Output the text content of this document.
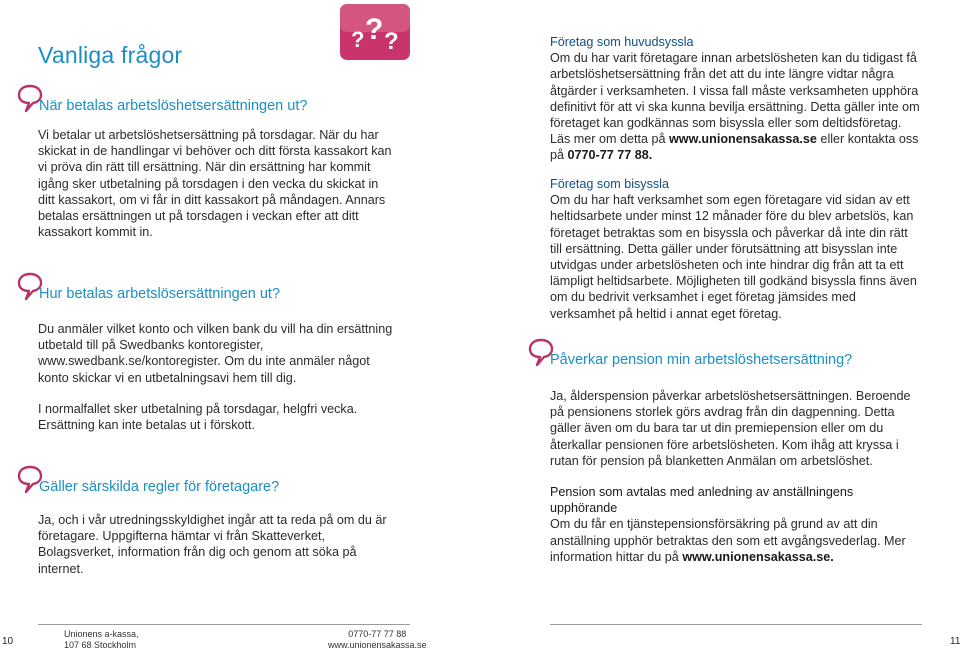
Vanliga frågor
? ? ?
När betalas arbetslöshetsersättningen ut?
Vi betalar ut arbetslöshetsersättning på torsdagar. När du har skickat in de handlingar vi behöver och ditt första kassakort kan vi pröva din rätt till ersättning. När din ersättning har kommit igång sker utbetalning på torsdagen i den vecka du skickat in ditt kassakort, om vi får in ditt kassakort på måndagen. Annars betalas ersättningen ut på torsdagen i veckan efter att ditt kassakort kommit in.
Hur betalas arbetslösersättningen ut?
Du anmäler vilket konto och vilken bank du vill ha din ersättning utbetald till på Swedbanks kontoregister, www.swedbank.se/kontoregister. Om du inte anmäler något konto skickar vi en utbetalningsavi hem till dig.
I normalfallet sker utbetalning på torsdagar, helgfri vecka. Ersättning kan inte betalas ut i förskott.
Gäller särskilda regler för företagare?
Ja, och i vår utredningsskyldighet ingår att ta reda på om du är företagare. Uppgifterna hämtar vi från Skatteverket, Bolagsverket, information från dig och genom att söka på internet.
Företag som huvudsyssla
Om du har varit företagare innan arbetslösheten kan du tidigast få arbetslöshetsersättning från det att du inte längre vidtar några åtgärder i verksamheten. I vissa fall måste verksamheten upphöra definitivt för att vi ska kunna bevilja ersättning. Detta gäller inte om företaget kan godkännas som bisyssla eller som deltidsföretag. Läs mer om detta på www.unionensakassa.se eller kontakta oss på 0770-77 77 88.
Företag som bisyssla
Om du har haft verksamhet som egen företagare vid sidan av ett heltidsarbete under minst 12 månader före du blev arbetslös, kan företaget betraktas som en bisyssla och påverkar då inte din rätt till ersättning. Detta gäller under förutsättning att bisysslan inte utvidgas under arbetslösheten och inte hindrar dig från att ta ett lämpligt heltidsarbete. Möjligheten till godkänd bisyssla finns även om du bedrivit verksamhet i eget företag jämsides med verksamhet på heltid i annat eget företag.
Påverkar pension min arbetslöshetsersättning?
Ja, ålderspension påverkar arbetslöshetsersättningen. Beroende på pensionens storlek görs avdrag från din dagpenning. Detta gäller även om du bara tar ut din premiepension eller om du återkallar pensionen före arbetslösheten. Kom ihåg att kryssa i rutan för pension på blanketten Anmälan om arbetslöshet.
Pension som avtalas med anledning av anställningens upphörande
Om du får en tjänstepensionsförsäkring på grund av att din anställning upphör betraktas den som ett avgångsvederlag. Mer information hittar du på www.unionensakassa.se.
10
Unionens a-kassa,
107 68 Stockholm
0770-77 77 88
www.unionensakassa.se	11
